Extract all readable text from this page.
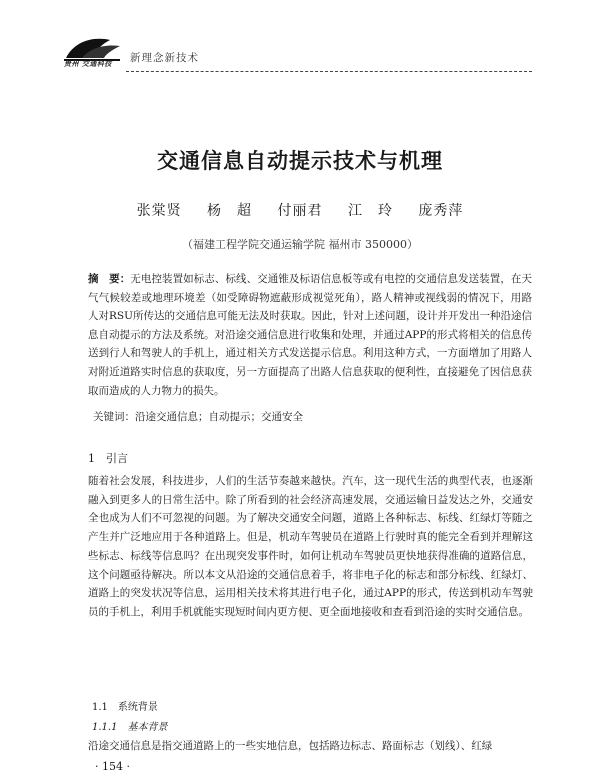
贵州 交通科技 新理念新技术
交通信息自动提示技术与机理
张棠贤 杨　超 付丽君 江　玲 庞秀萍
（福建工程学院交通运输学院 福州市 350000）
摘　要：无电控装置如标志、标线、交通锥及标语信息板等或有电控的交通信息发送装置，在天气气候较差或地理环境差（如受障碍物遮蔽形成视觉死角），路人精神或视线弱的情况下，用路人对RSU所传达的交通信息可能无法及时获取。因此，针对上述问题，设计并开发出一种沿途信息自动提示的方法及系统。对沿途交通信息进行收集和处理，并通过APP的形式将相关的信息传送到行人和驾驶人的手机上，通过相关方式发送提示信息。利用这种方式，一方面增加了用路人对附近道路实时信息的获取度，另一方面提高了出路人信息获取的便利性，直接避免了因信息获取而造成的人力物力的损失。
关键词：沿途交通信息；自动提示；交通安全
1　引言

随着社会发展，科技进步，人们的生活节奏越来越快。汽车，这一现代生活的典型代表，也逐渐融入到更多人的日常生活中。除了所看到的社会经济高速发展，交通运输日益发达之外，交通安全也成为人们不可忽视的问题。为了解决交通安全问题，道路上各种标志、标线、红绿灯等随之产生并广泛地应用于各种道路上。但是，机动车驾驶员在道路上行驶时真的能完全看到并理解这些标志、标线等信息吗？在出现突发事件时，如何让机动车驾驶员更快地获得准确的道路信息，这个问题亟待解决。所以本文从沿途的交通信息着手，将非电子化的标志和部分标线、红绿灯、道路上的突发状况等信息，运用相关技术将其进行电子化，通过APP的形式，传送到机动车驾驶员的手机上，利用手机就能实现短时间内更方便、更全面地接收和查看到沿途的实时交通信息。

1.1　系统背景
1.1.1　基本背景
沿途交通信息是指交通道路上的一些实地信息，包括路边标志、路面标志（划线）、红绿
· 154 ·
